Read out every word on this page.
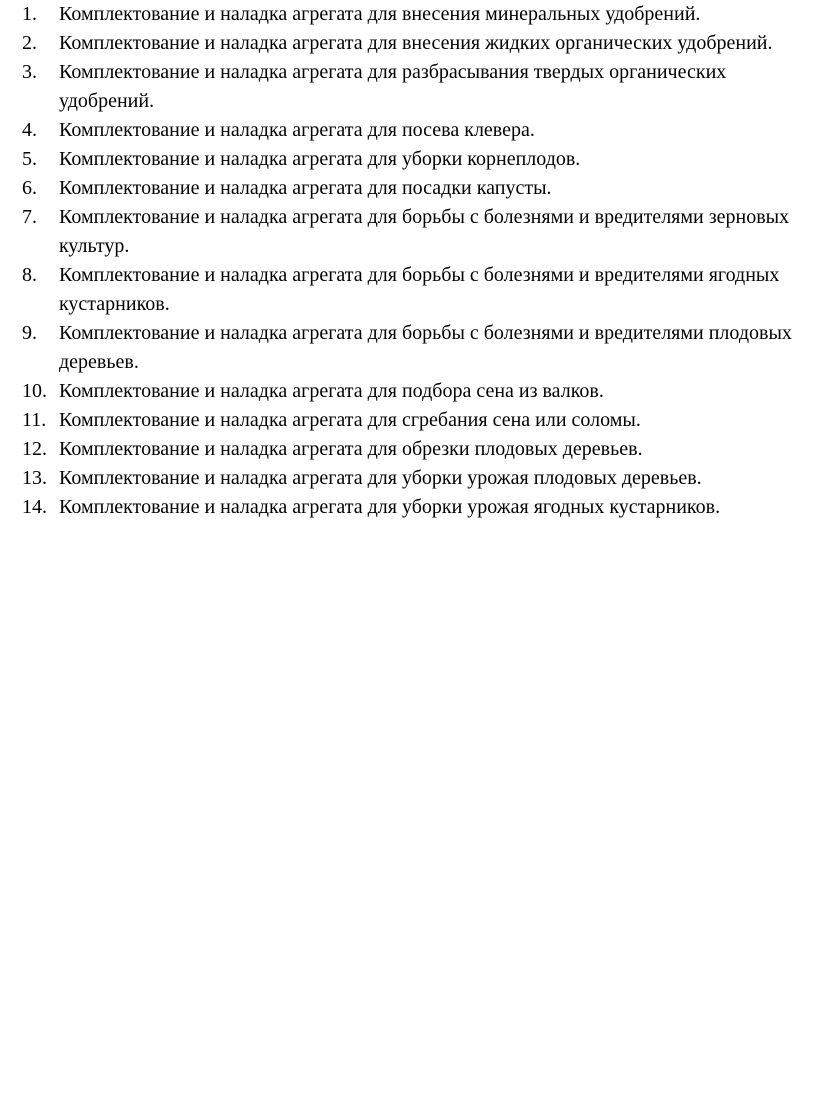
1.	Комплектование и наладка агрегата для внесения минеральных удобрений.
2.	Комплектование и наладка агрегата для внесения жидких органических удобрений.
3.	Комплектование и наладка агрегата для разбрасывания твердых органических удобрений.
4.	Комплектование и наладка агрегата для посева клевера.
5.	Комплектование и наладка агрегата для уборки корнеплодов.
6.	Комплектование и наладка агрегата для посадки капусты.
7.	Комплектование и наладка агрегата для борьбы с болезнями и вредителями зерновых культур.
8.	Комплектование и наладка агрегата для борьбы с болезнями и вредителями ягодных кустарников.
9.	Комплектование и наладка агрегата для борьбы с болезнями и вредителями плодовых деревьев.
10. Комплектование и наладка агрегата для подбора сена из валков.
11. Комплектование и наладка агрегата для сгребания сена или соломы.
12. Комплектование и наладка агрегата для обрезки плодовых деревьев.
13. Комплектование и наладка агрегата для уборки урожая плодовых деревьев.
14. Комплектование и наладка агрегата для уборки урожая ягодных кустарников.
